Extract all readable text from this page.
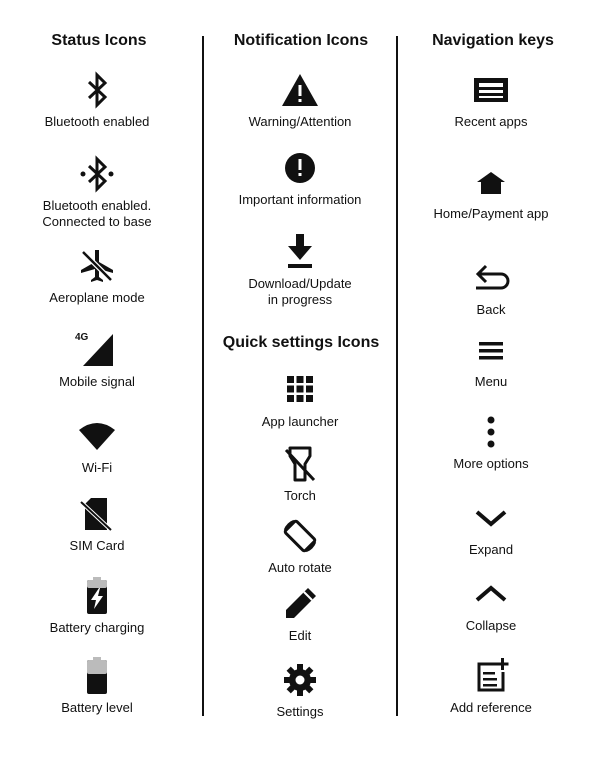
Status Icons	Notification Icons
Quick settings Icons
Navigation keys
Bluetooth enabled
Bluetooth enabled.
Connected to base
Aeroplane mode
4G
Mobile signal
Wi-Fi
SIM Card
Battery charging
Battery level
Warning/Attention
Important information
Download/Update
in progress
App launcher
Torch
Auto rotate
Edit
Settings
Recent apps
Home/Payment app
Back
Menu
More options
Expand
Collapse
Add reference
